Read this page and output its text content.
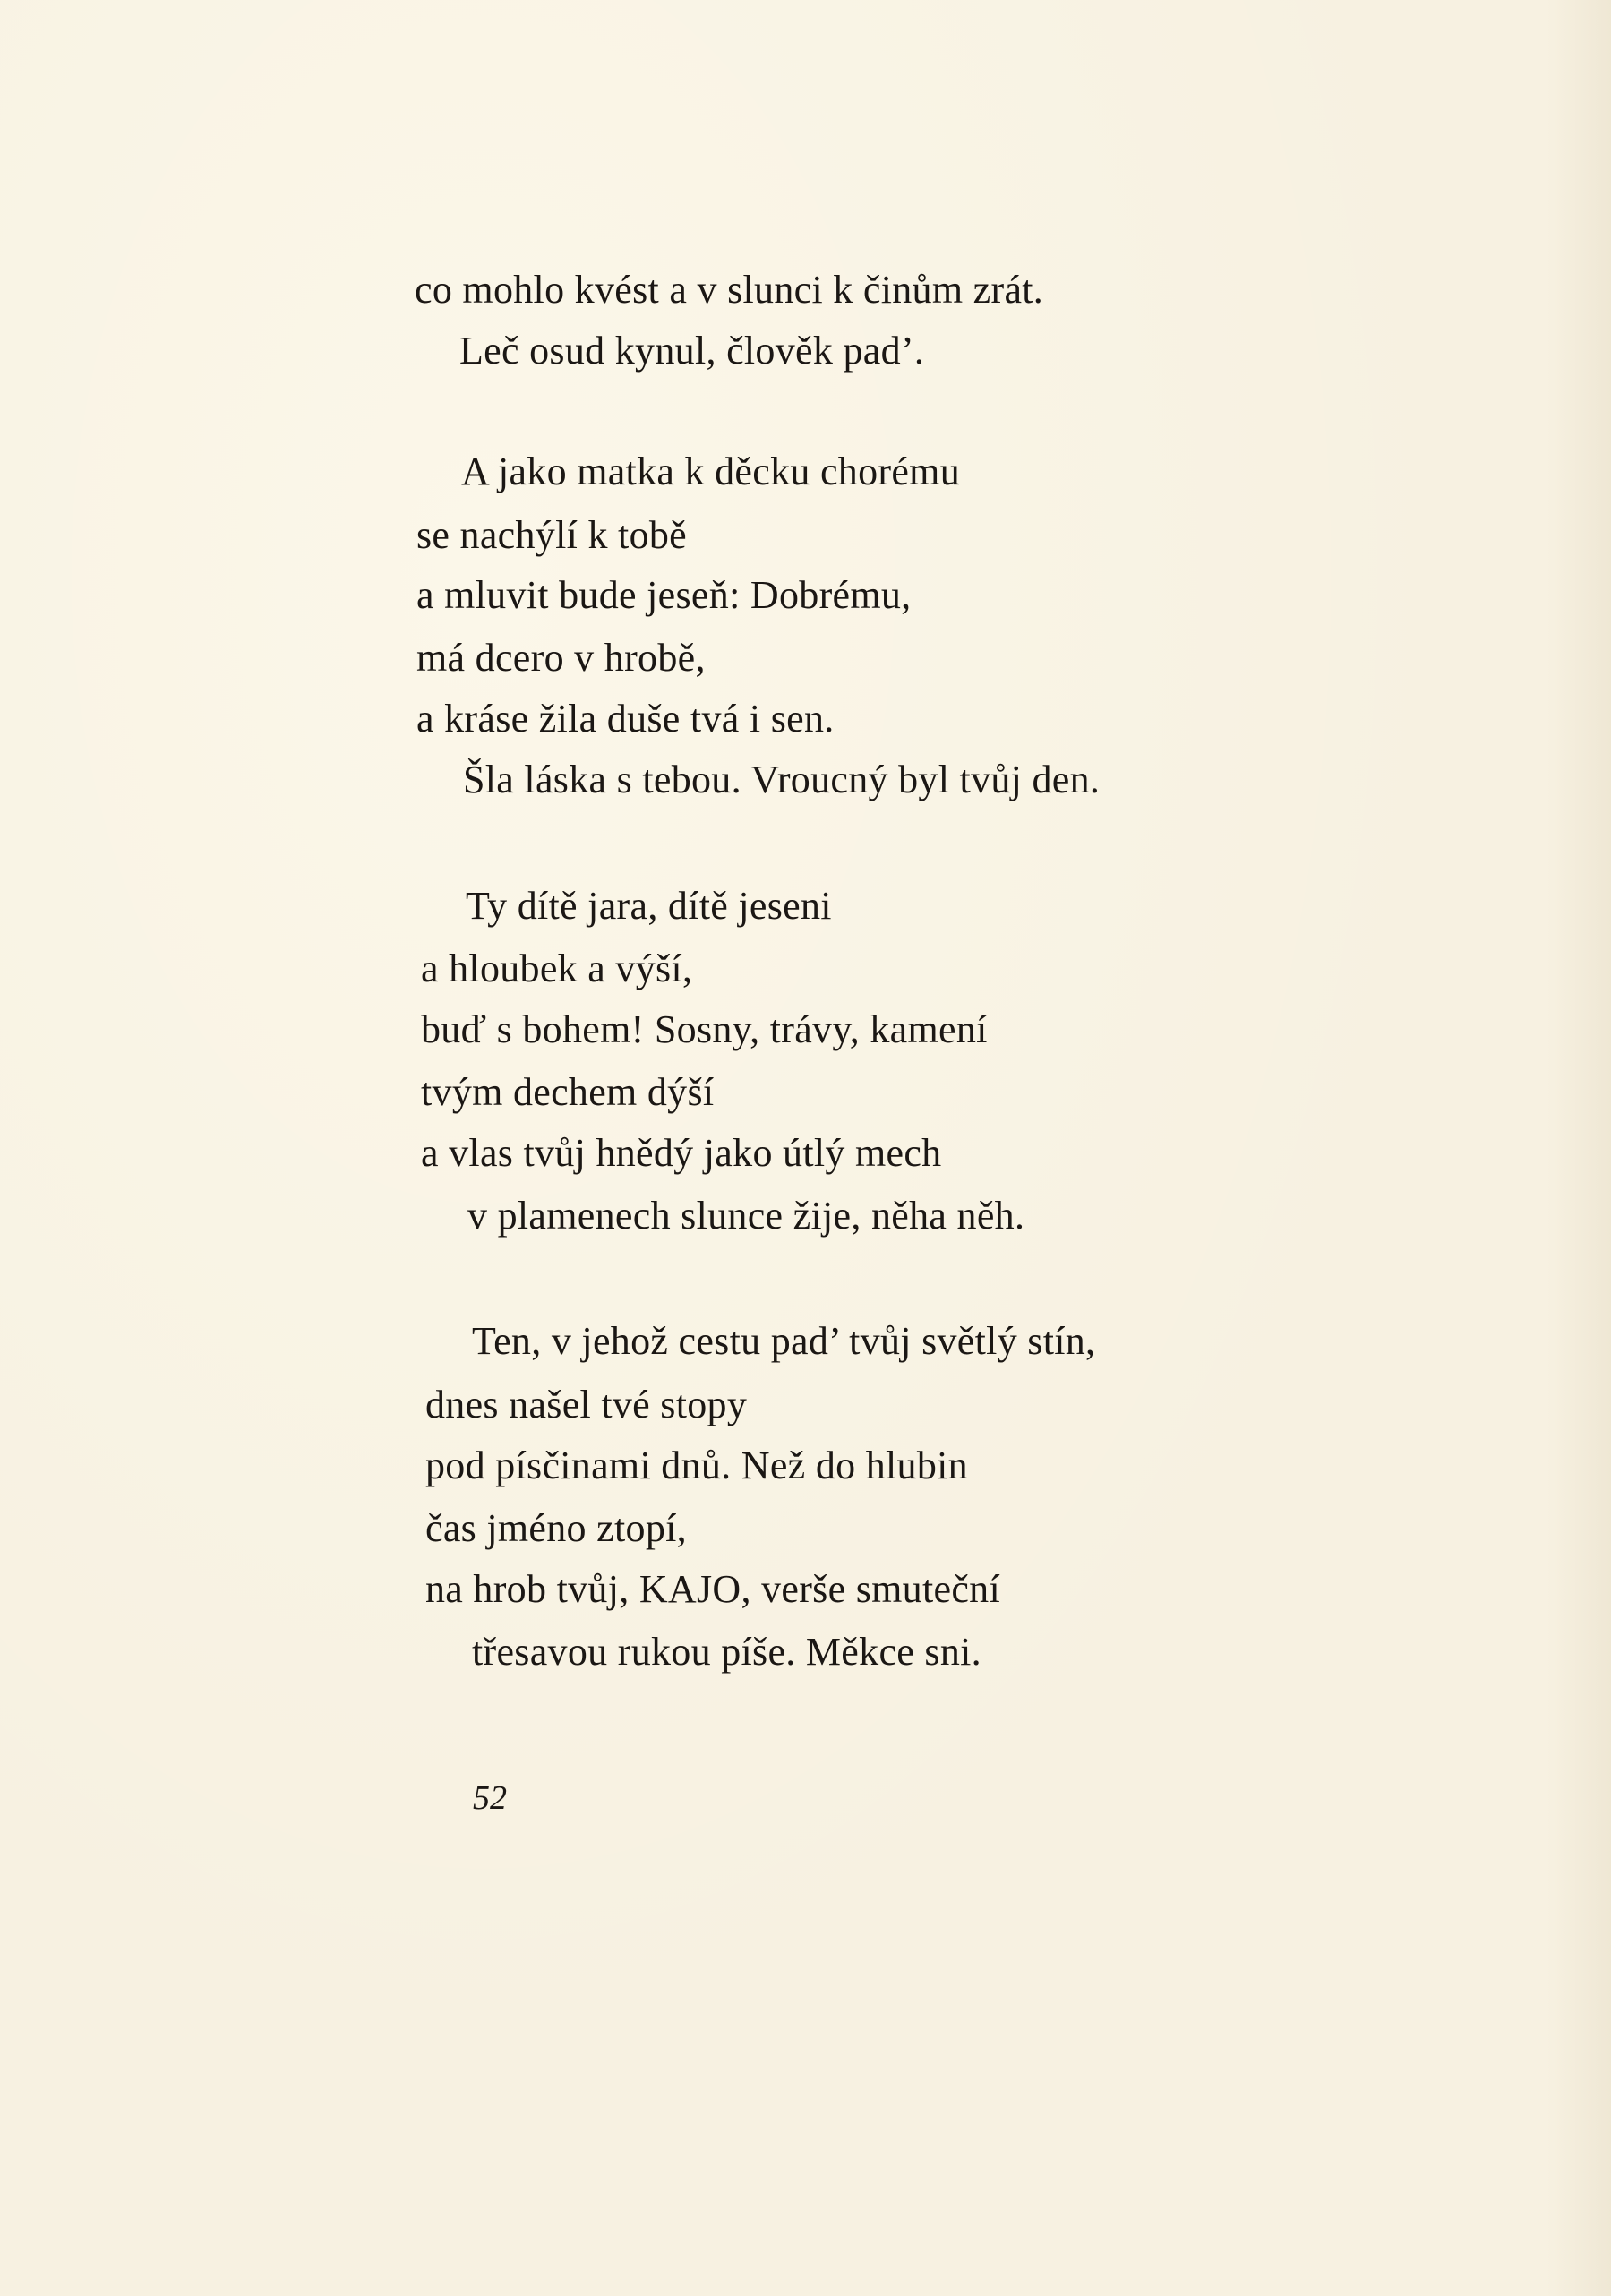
co mohlo kvést a v slunci k činům zrát.
Leč osud kynul, člověk pad’.
A jako matka k děcku chorému
se nachýlí k tobě
a mluvit bude jeseň: Dobrému,
má dcero v hrobě,
a kráse žila duše tvá i sen.
Šla láska s tebou. Vroucný byl tvůj den.
Ty dítě jara, dítě jeseni
a hloubek a výší,
buď s bohem! Sosny, trávy, kamení
tvým dechem dýší
a vlas tvůj hnědý jako útlý mech
v plamenech slunce žije, něha něh.
Ten, v jehož cestu pad’ tvůj světlý stín,
dnes našel tvé stopy
pod písčinami dnů. Než do hlubin
čas jméno ztopí,
na hrob tvůj, KAJO, verše smuteční
třesavou rukou píše. Měkce sni.
52
